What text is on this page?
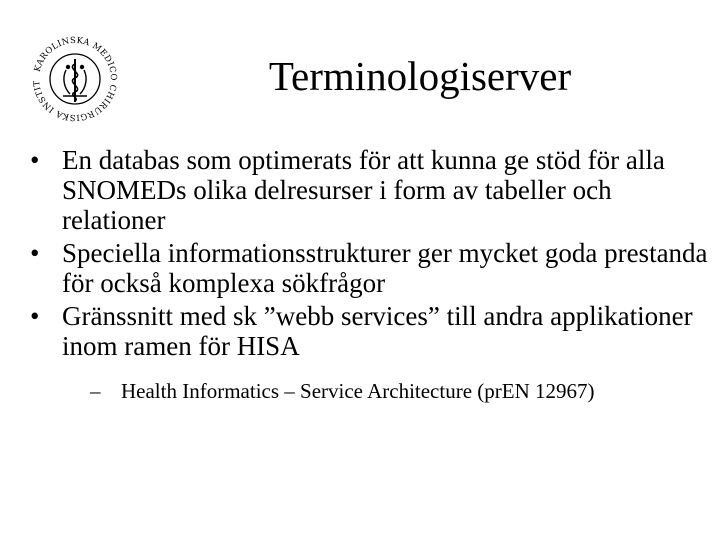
KAROLINSKA MEDICO CHIRURGISKA INSTIT	Terminologiserver
• En databas som optimerats för att kunna ge stöd för alla SNOMEDs olika delresurser i form av tabeller och relationer
• Speciella informationsstrukturer ger mycket goda prestanda för också komplexa sökfrågor
• Gränssnitt med sk ”webb services” till andra applikationer inom ramen för HISA
– Health Informatics – Service Architecture (prEN 12967)
